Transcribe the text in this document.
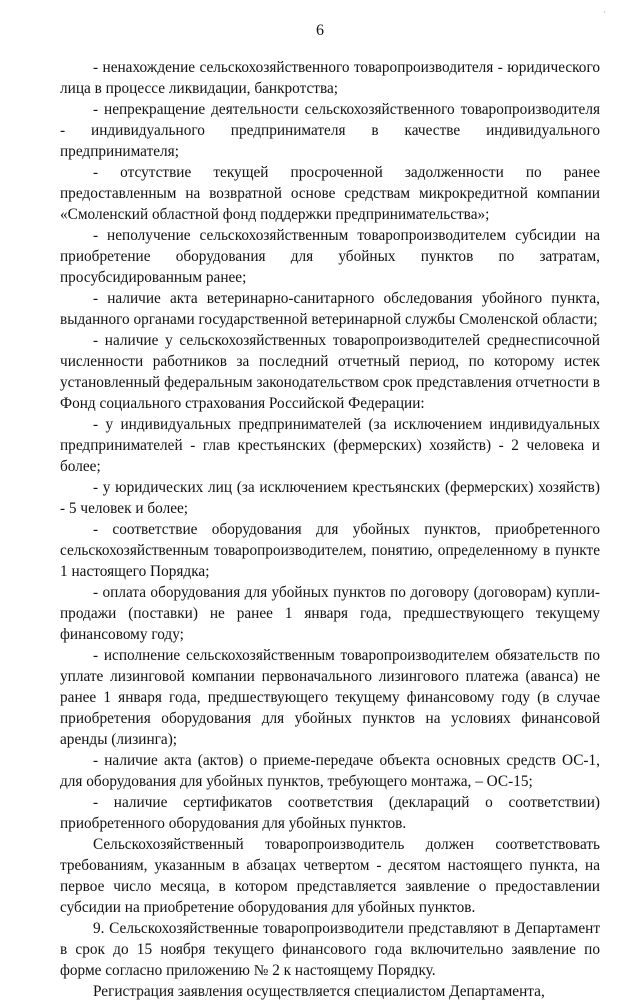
6
·

- ненахождение сельскохозяйственного товаропроизводителя - юридического лица в процессе ликвидации, банкротства;

- непрекращение деятельности сельскохозяйственного товаропроизводителя - индивидуального предпринимателя в качестве индивидуального предпринимателя;

- отсутствие текущей просроченной задолженности по ранее предоставленным на возвратной основе средствам микрокредитной компании «Смоленский областной фонд поддержки предпринимательства»;

- неполучение сельскохозяйственным товаропроизводителем субсидии на приобретение оборудования для убойных пунктов по затратам, просубсидированным ранее;

- наличие акта ветеринарно-санитарного обследования убойного пункта, выданного органами государственной ветеринарной службы Смоленской области;

- наличие у сельскохозяйственных товаропроизводителей среднесписочной численности работников за последний отчетный период, по которому истек установленный федеральным законодательством срок представления отчетности в Фонд социального страхования Российской Федерации:

- у индивидуальных предпринимателей (за исключением индивидуальных предпринимателей - глав крестьянских (фермерских) хозяйств) - 2 человека и более;

- у юридических лиц (за исключением крестьянских (фермерских) хозяйств) - 5 человек и более;

- соответствие оборудования для убойных пунктов, приобретенного сельскохозяйственным товаропроизводителем, понятию, определенному в пункте 1 настоящего Порядка;

- оплата оборудования для убойных пунктов по договору (договорам) купли-продажи (поставки) не ранее 1 января года, предшествующего текущему финансовому году;

- исполнение сельскохозяйственным товаропроизводителем обязательств по уплате лизинговой компании первоначального лизингового платежа (аванса) не ранее 1 января года, предшествующего текущему финансовому году (в случае приобретения оборудования для убойных пунктов на условиях финансовой аренды (лизинга);

- наличие акта (актов) о приеме-передаче объекта основных средств ОС-1, для оборудования для убойных пунктов, требующего монтажа, – ОС-15;

- наличие сертификатов соответствия (деклараций о соответствии) приобретенного оборудования для убойных пунктов.

Сельскохозяйственный товаропроизводитель должен соответствовать требованиям, указанным в абзацах четвертом - десятом настоящего пункта, на первое число месяца, в котором представляется заявление о предоставлении субсидии на приобретение оборудования для убойных пунктов.

9. Сельскохозяйственные товаропроизводители представляют в Департамент в срок до 15 ноября текущего финансового года включительно заявление по форме согласно приложению № 2 к настоящему Порядку.

Регистрация заявления осуществляется специалистом Департамента,
